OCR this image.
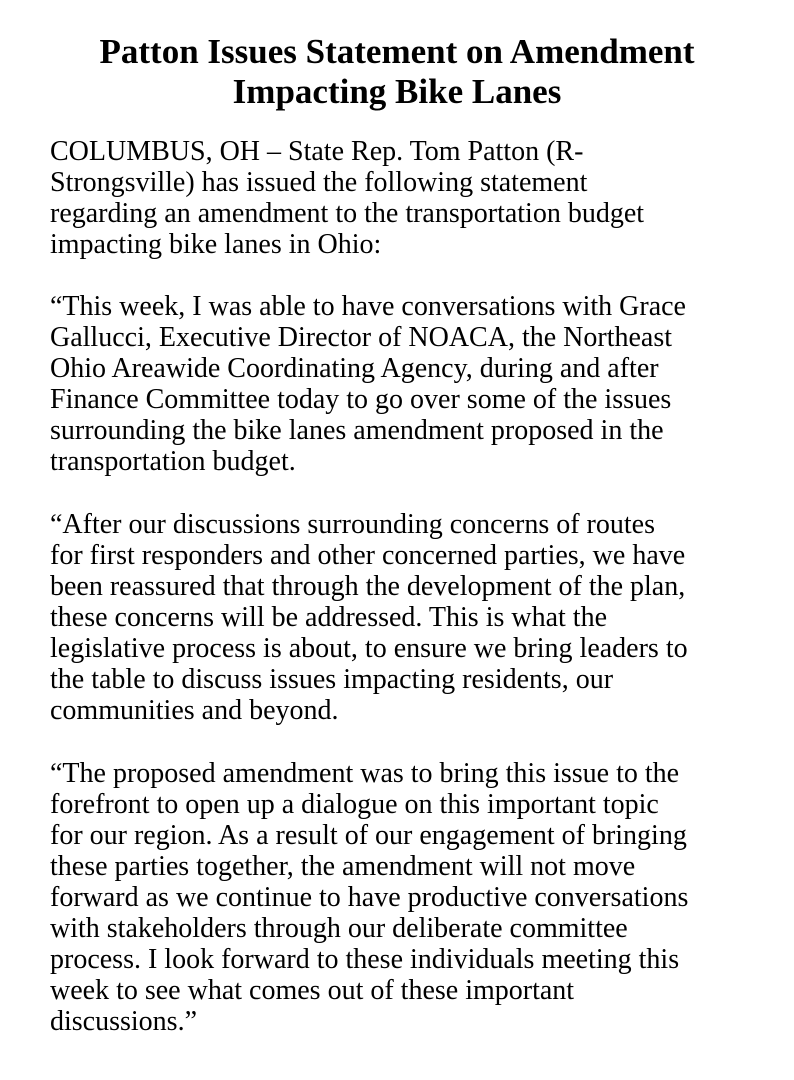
Patton Issues Statement on Amendment
Impacting Bike Lanes

COLUMBUS, OH – State Rep. Tom Patton (R-

Strongsville) has issued the following statement

regarding an amendment to the transportation budget

impacting bike lanes in Ohio:

“This week, I was able to have conversations with Grace

Gallucci, Executive Director of NOACA, the Northeast

Ohio Areawide Coordinating Agency, during and after

Finance Committee today to go over some of the issues

surrounding the bike lanes amendment proposed in the

transportation budget.

“After our discussions surrounding concerns of routes

for first responders and other concerned parties, we have

been reassured that through the development of the plan,

these concerns will be addressed. This is what the

legislative process is about, to ensure we bring leaders to

the table to discuss issues impacting residents, our

communities and beyond.

“The proposed amendment was to bring this issue to the

forefront to open up a dialogue on this important topic

for our region. As a result of our engagement of bringing

these parties together, the amendment will not move

forward as we continue to have productive conversations

with stakeholders through our deliberate committee

process. I look forward to these individuals meeting this

week to see what comes out of these important

discussions.”
